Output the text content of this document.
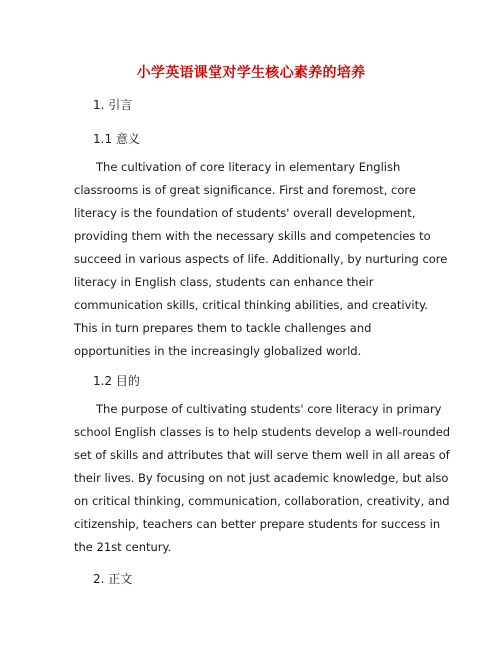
小学英语课堂对学生核心素养的培养
1. 引言
1.1 意义

The cultivation of core literacy in elementary English
classrooms is of great significance. First and foremost, core
literacy is the foundation of students' overall development,
providing them with the necessary skills and competencies to
succeed in various aspects of life. Additionally, by nurturing core
literacy in English class, students can enhance their
communication skills, critical thinking abilities, and creativity.
This in turn prepares them to tackle challenges and
opportunities in the increasingly globalized world.

1.2 目的

The purpose of cultivating students' core literacy in primary
school English classes is to help students develop a well-rounded
set of skills and attributes that will serve them well in all areas of
their lives. By focusing on not just academic knowledge, but also
on critical thinking, communication, collaboration, creativity, and
citizenship, teachers can better prepare students for success in
the 21st century.

2. 正文
